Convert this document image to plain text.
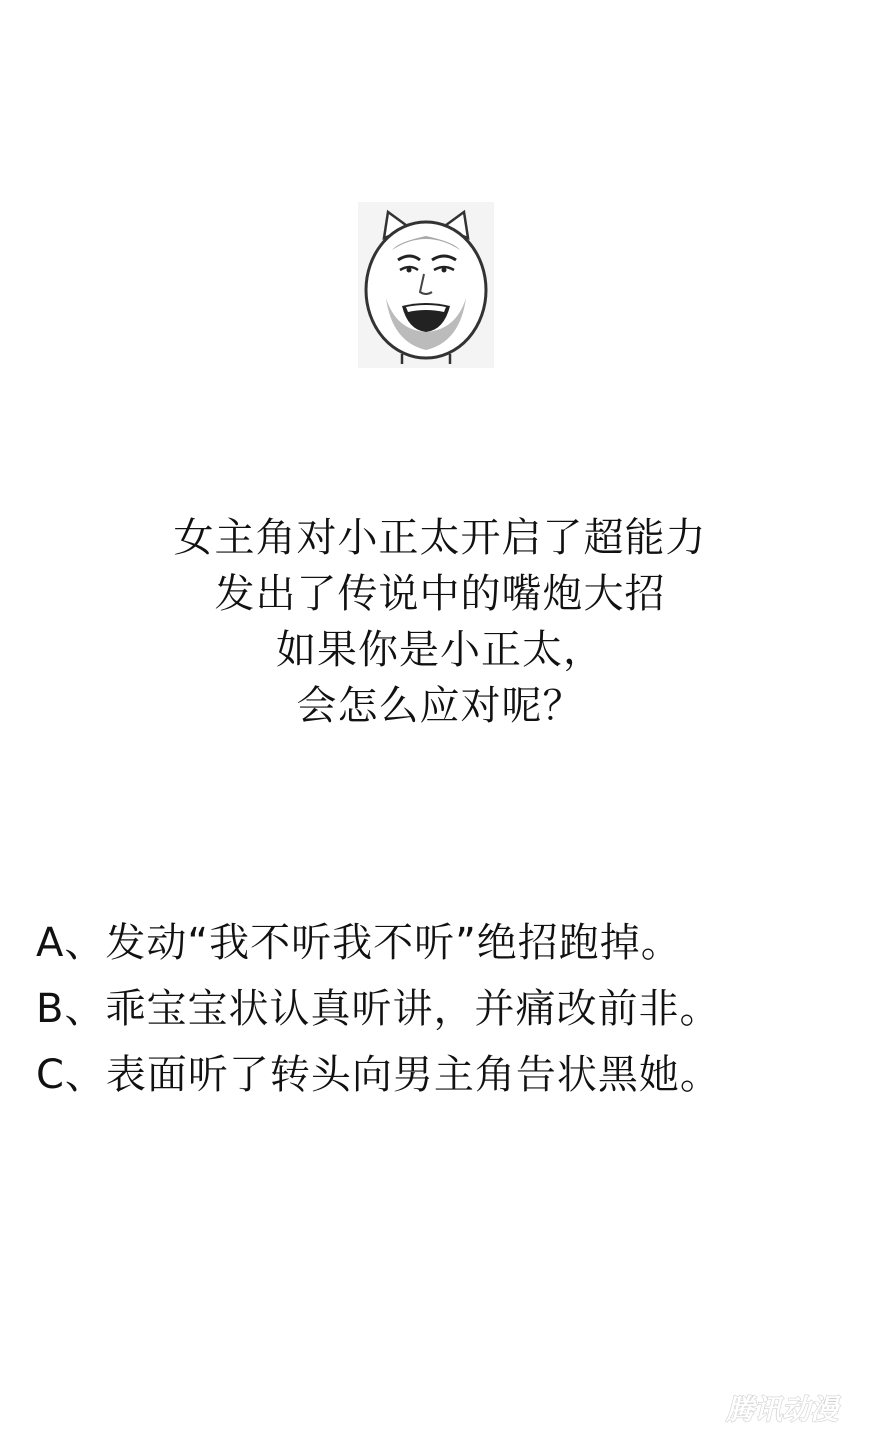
女主角对小正太开启了超能力
发出了传说中的嘴炮大招
如果你是小正太，
会怎么应对呢？
A、发动“我不听我不听”绝招跑掉。
B、乖宝宝状认真听讲，并痛改前非。
C、表面听了转头向男主角告状黑她。
腾讯动漫
